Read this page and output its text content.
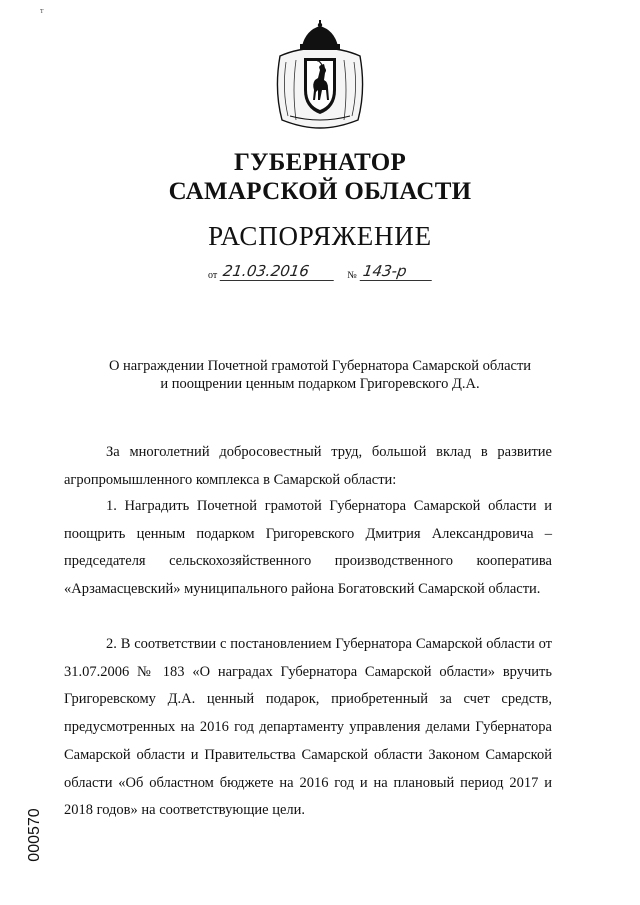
т
ГУБЕРНАТОР
САМАРСКОЙ ОБЛАСТИ
РАСПОРЯЖЕНИЕ
от 21.03.2016	№ 143-р
О награждении Почетной грамотой Губернатора Самарской области
и поощрении ценным подарком Григоревского Д.А.
За многолетний добросовестный труд, большой вклад в развитие агропромышленного комплекса в Самарской области:
1. Наградить Почетной грамотой Губернатора Самарской области и поощрить ценным подарком Григоревского Дмитрия Александровича – председателя сельскохозяйственного производственного кооператива «Арзамасцевский» муниципального района Богатовский Самарской области.
2. В соответствии с постановлением Губернатора Самарской области от 31.07.2006 № 183 «О наградах Губернатора Самарской области» вручить Григоревскому Д.А. ценный подарок, приобретенный за счет средств, предусмотренных на 2016 год департаменту управления делами Губернатора Самарской области и Правительства Самарской области Законом Самарской области «Об областном бюджете на 2016 год и на плановый период 2017 и 2018 годов» на соответствующие цели.
000570
